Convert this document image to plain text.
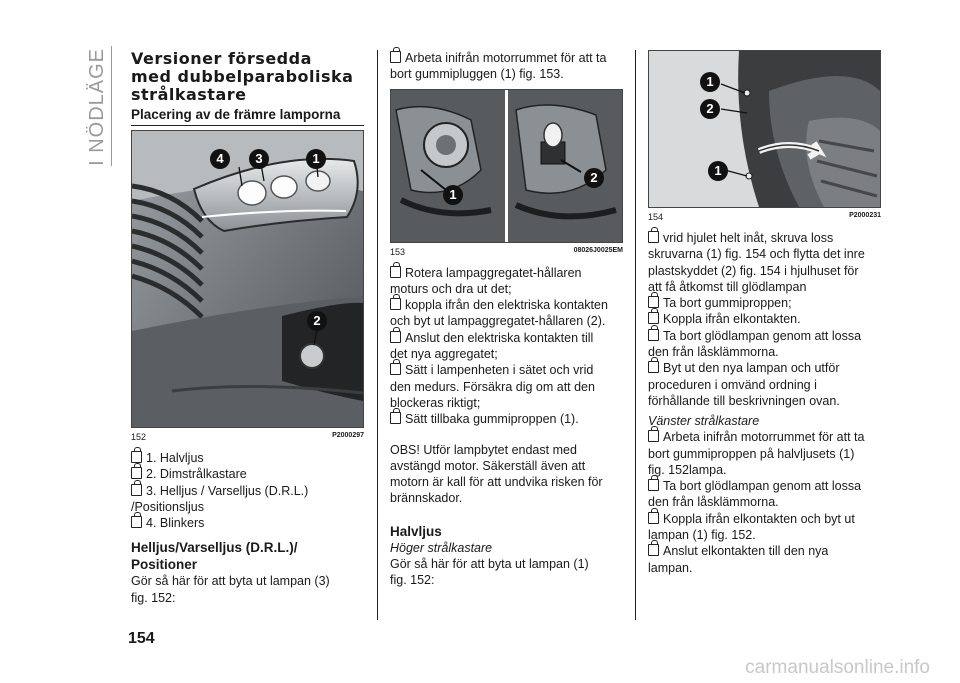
I NÖDLÄGE Versioner försedda
med dubbelparaboliska
strålkastare
Placering av de främre lamporna
4	3	1
2
152	P2000297
1. Halvljus
2. Dimstrålkastare
3. Helljus / Varselljus (D.R.L.)
/Positionsljus
4. Blinkers
Helljus/Varselljus (D.R.L.)/
Positioner

Gör så här för att byta ut lampan (3)
fig. 152:

Arbeta inifrån motorrummet för att ta
bort gummipluggen (1) fig. 153.
1
2
153	08026J0025EM
Rotera lampaggregatet-hållaren
moturs och dra ut det;
koppla ifrån den elektriska kontakten
och byt ut lampaggregatet-hållaren (2).
Anslut den elektriska kontakten till
det nya aggregatet;
Sätt i lampenheten i sätet och vrid
den medurs. Försäkra dig om att den
blockeras riktigt;
Sätt tillbaka gummiproppen (1).

OBS! Utför lampbytet endast med
avstängd motor. Säkerställ även att
motorn är kall för att undvika risken för
brännskador.

Halvljus

Höger strålkastare

Gör så här för att byta ut lampan (1)
fig. 152:

1
2
1
154	P2000231
vrid hjulet helt inåt, skruva loss
skruvarna (1) fig. 154 och flytta det inre
plastskyddet (2) fig. 154 i hjulhuset för
att få åtkomst till glödlampan
Ta bort gummiproppen;
Koppla ifrån elkontakten.
Ta bort glödlampan genom att lossa
den från låsklämmorna.
Byt ut den nya lampan och utför
proceduren i omvänd ordning i
förhållande till beskrivningen ovan.

Vänster strålkastare

Arbeta inifrån motorrummet för att ta
bort gummiproppen på halvljusets (1)
fig. 152lampa.
Ta bort glödlampan genom att lossa
den från låsklämmorna.
Koppla ifrån elkontakten och byt ut
lampan (1) fig. 152.
Anslut elkontakten till den nya
lampan.
154
carmanualsonline.info
